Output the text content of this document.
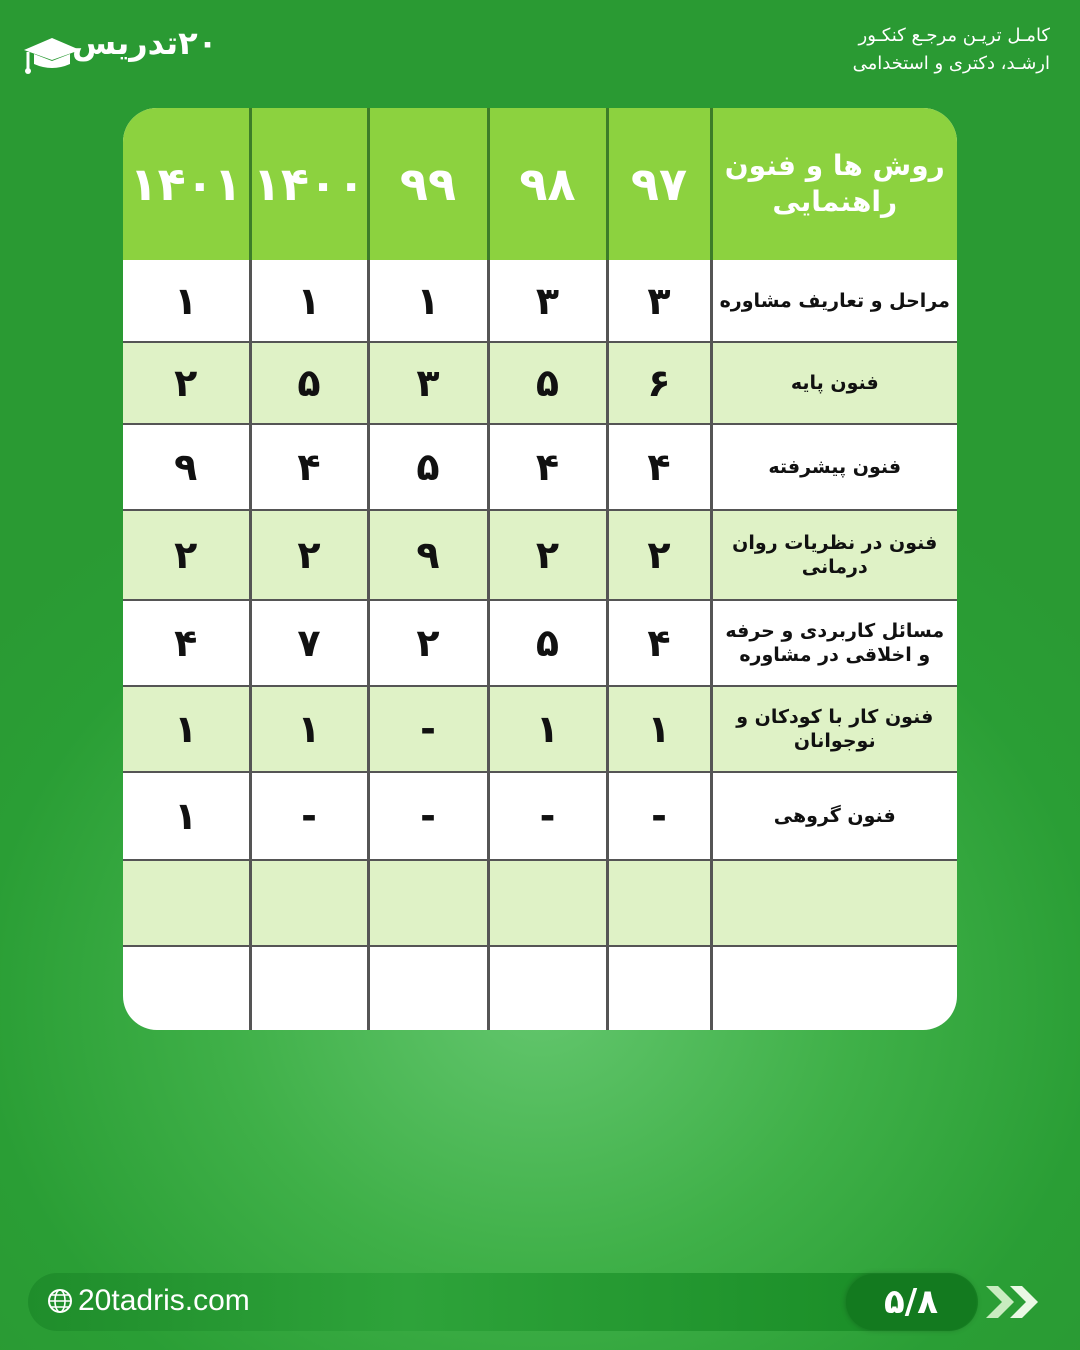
۲۰تدریس	کامـل تریـن مرجـع کنکـور
ارشـد، دکتری و استخدامی
روش ها و فنون راهنمایی	۹۷	۹۸	۹۹	۱۴۰۰	۱۴۰۱
مراحل و تعاریف مشاوره	۳	۳	۱	۱	۱
فنون پایه	۶	۵	۳	۵	۲
فنون پیشرفته	۴	۴	۵	۴	۹
فنون در نظریات روان درمانی	۲	۲	۹	۲	۲
مسائل کاربردی و حرفه و اخلاقی در مشاوره	۴	۵	۲	۷	۴
فنون کار با کودکان و نوجوانان	۱	۱	-	۱	۱
فنون گروهی	-	-	-	-	۱

20tadris.com	۵/۸
